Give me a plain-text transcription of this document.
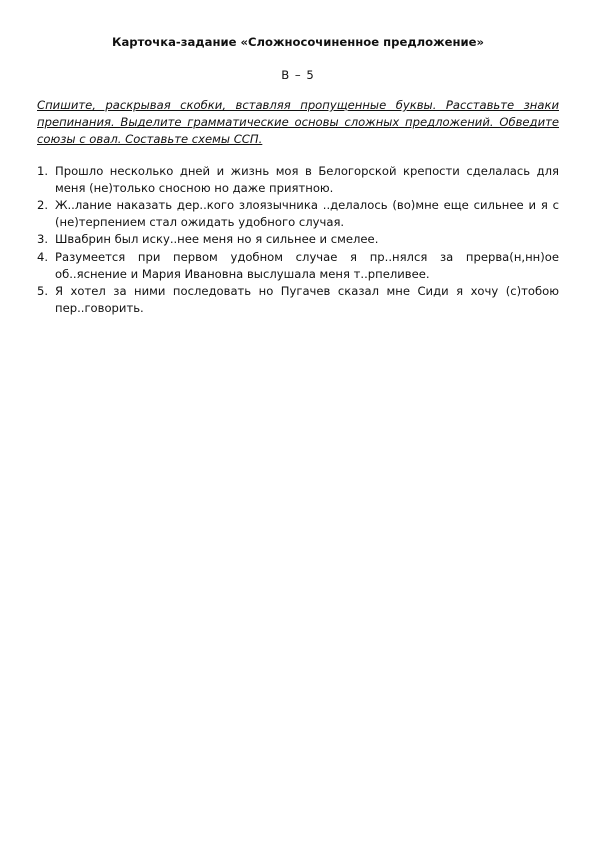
Карточка-задание «Сложносочиненное предложение»

В – 5

Спишите, раскрывая скобки, вставляя пропущенные буквы. Расставьте знаки препинания. Выделите грамматические основы сложных предложений. Обведите союзы с овал. Составьте схемы ССП.

1. Прошло несколько дней и жизнь моя в Белогорской крепости сделалась для меня (не)только сносною но даже приятною.
2. Ж..лание наказать дер..кого злоязычника ..делалось (во)мне еще сильнее и я с (не)терпением стал ожидать удобного случая.
3. Швабрин был иску..нее меня но я сильнее и смелее.
4. Разумеется при первом удобном случае я пр..нялся за прерва(н,нн)ое об..яснение и Мария Ивановна выслушала меня т..рпеливее.
5. Я хотел за ними последовать но Пугачев сказал мне Сиди я хочу (с)тобою пер..говорить.
